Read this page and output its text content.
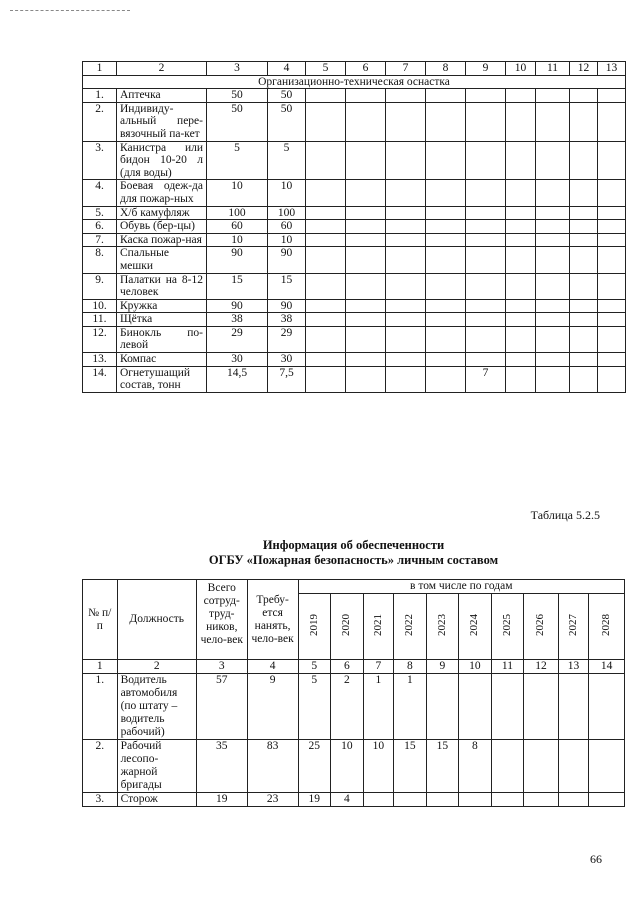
1	2	3	4	5	6	7	8	9	10	11	12	13
Организационно-техническая оснастка												
1.	Аптечка	50	50									
2.	Индивиду-альный пере-вязочный па-кет	50	50									
3.	Канистра или бидон 10-20 л (для воды)	5	5									
4.	Боевая одеж-да для пожар-ных	10	10									
5.	Х/б камуфляж	100	100									
6.	Обувь (бер-цы)	60	60									
7.	Каска пожар-ная	10	10									
8.	Спальные мешки	90	90									
9.	Палатки на 8-12 человек	15	15									
10.	Кружка	90	90									
11.	Щётка	38	38									
12.	Бинокль по-левой	29	29									
13.	Компас	30	30									
14.	Огнетушащий состав, тонн	14,5	7,5					7				
Таблица 5.2.5
Информация об обеспеченности
ОГБУ «Пожарная безопасность» личным составом
№ п/п	Должность	Всего сотруд-труд-ников, чело-век	Требу-ется нанять, чело-век	в том числе по годам									
				2019	2020	2021	2022	2023	2024	2025	2026	2027	2028
1	2	3	4	5	6	7	8	9	10	11	12	13	14
1.	Водитель автомобиля (по штату – водитель рабочий)	57	9	5	2	1	1						
2.	Рабочий лесопо-жарной бригады	35	83	25	10	10	15	15	8				
3.	Сторож	19	23	19	4								
66
